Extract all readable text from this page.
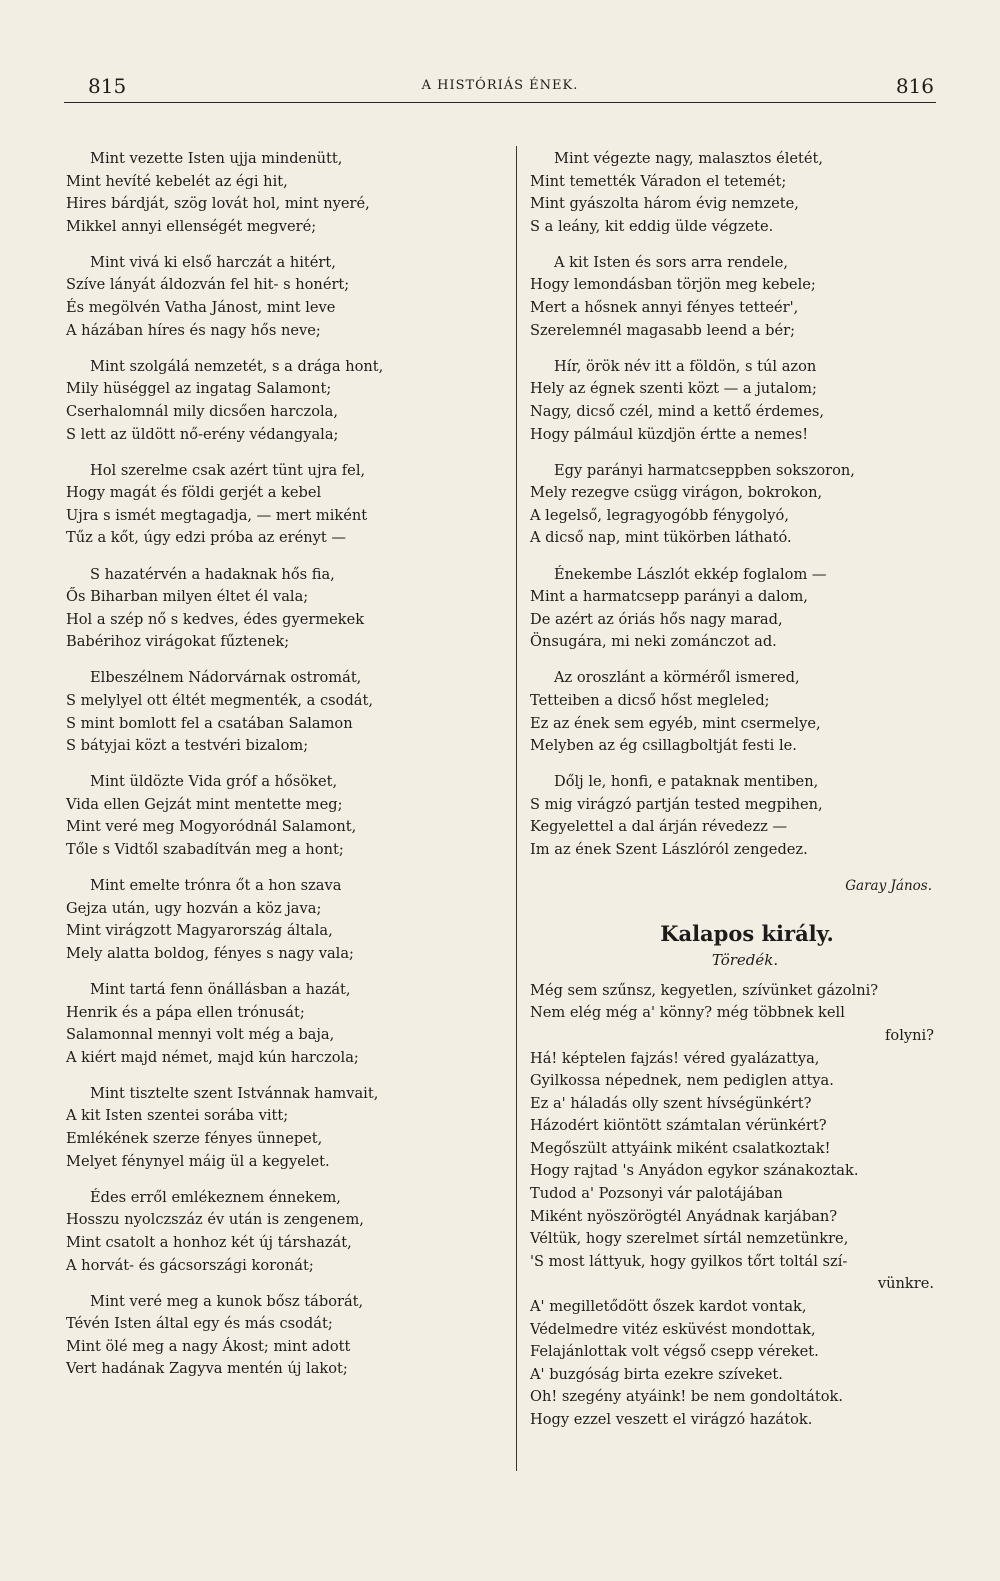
815	A HISTÓRIÁS ÉNEK.	816
Mint vezette Isten ujja mindenütt,
Mint hevíté kebelét az égi hit,
Hires bárdját, szög lovát hol, mint nyeré,
Mikkel annyi ellenségét megveré;
Mint vivá ki első harczát a hitért,
Szíve lányát áldozván fel hit- s honért;
És megölvén Vatha Jánost, mint leve
A házában híres és nagy hős neve;
Mint szolgálá nemzetét, s a drága hont,
Mily hüséggel az ingatag Salamont;
Cserhalomnál mily dicsően harczola,
S lett az üldött nő-erény védangyala;
Hol szerelme csak azért tünt ujra fel,
Hogy magát és földi gerjét a kebel
Ujra s ismét megtagadja, — mert miként
Tűz a kőt, úgy edzi próba az erényt —
S hazatérvén a hadaknak hős fia,
Ős Biharban milyen éltet él vala;
Hol a szép nő s kedves, édes gyermekek
Babérihoz virágokat fűztenek;
Elbeszélnem Nádorvárnak ostromát,
S melylyel ott éltét megmenték, a csodát,
S mint bomlott fel a csatában Salamon
S bátyjai közt a testvéri bizalom;
Mint üldözte Vida gróf a hősöket,
Vida ellen Gejzát mint mentette meg;
Mint veré meg Mogyoródnál Salamont,
Tőle s Vidtől szabadítván meg a hont;
Mint emelte trónra őt a hon szava
Gejza után, ugy hozván a köz java;
Mint virágzott Magyarország általa,
Mely alatta boldog, fényes s nagy vala;
Mint tartá fenn önállásban a hazát,
Henrik és a pápa ellen trónusát;
Salamonnal mennyi volt még a baja,
A kiért majd német, majd kún harczola;
Mint tisztelte szent Istvánnak hamvait,
A kit Isten szentei sorába vitt;
Emlékének szerze fényes ünnepet,
Melyet fénynyel máig ül a kegyelet.
Édes erről emlékeznem énnekem,
Hosszu nyolczszáz év után is zengenem,
Mint csatolt a honhoz két új társhazát,
A horvát- és gácsországi koronát;
Mint veré meg a kunok bősz táborát,
Tévén Isten által egy és más csodát;
Mint ölé meg a nagy Ákost; mint adott
Vert hadának Zagyva mentén új lakot;
Mint végezte nagy, malasztos életét,
Mint temették Váradon el tetemét;
Mint gyászolta három évig nemzete,
S a leány, kit eddig ülde végzete.
A kit Isten és sors arra rendele,
Hogy lemondásban törjön meg kebele;
Mert a hősnek annyi fényes tetteér',
Szerelemnél magasabb leend a bér;
Hír, örök név itt a földön, s túl azon
Hely az égnek szenti közt — a jutalom;
Nagy, dicső czél, mind a kettő érdemes,
Hogy pálmául küzdjön értte a nemes!
Egy parányi harmatcseppben sokszoron,
Mely rezegve csügg virágon, bokrokon,
A legelső, legragyogóbb fénygolyó,
A dicső nap, mint tükörben látható.
Énekembe Lászlót ekkép foglalom —
Mint a harmatcsepp parányi a dalom,
De azért az óriás hős nagy marad,
Önsugára, mi neki zománczot ad.
Az oroszlánt a körméről ismered,
Tetteiben a dicső hőst megleled;
Ez az ének sem egyéb, mint csermelye,
Melyben az ég csillagboltját festi le.
Dőlj le, honfi, e pataknak mentiben,
S mig virágzó partján tested megpihen,
Kegyelettel a dal árján révedezz —
Im az ének Szent Lászlóról zengedez.
Garay János.
Kalapos király.
Töredék.
Még sem szűnsz, kegyetlen, szívünket gázolni?
Nem elég még a' könny? még többnek kell
folyni?
Há! képtelen fajzás! véred gyalázattya,
Gyilkossa népednek, nem pediglen attya.
Ez a' háladás olly szent hívségünkért?
Házodért kiöntött számtalan vérünkért?
Megőszült attyáink miként csalatkoztak!
Hogy rajtad 's Anyádon egykor szánakoztak.
Tudod a' Pozsonyi vár palotájában
Miként nyöszörögtél Anyádnak karjában?
Véltük, hogy szerelmet sírtál nemzetünkre,
'S most láttyuk, hogy gyilkos tőrt toltál szí-
vünkre.
A' megilletődött őszek kardot vontak,
Védelmedre vitéz esküvést mondottak,
Felajánlottak volt végső csepp véreket.
A' buzgóság birta ezekre szíveket.
Oh! szegény atyáink! be nem gondoltátok.
Hogy ezzel veszett el virágzó hazátok.
